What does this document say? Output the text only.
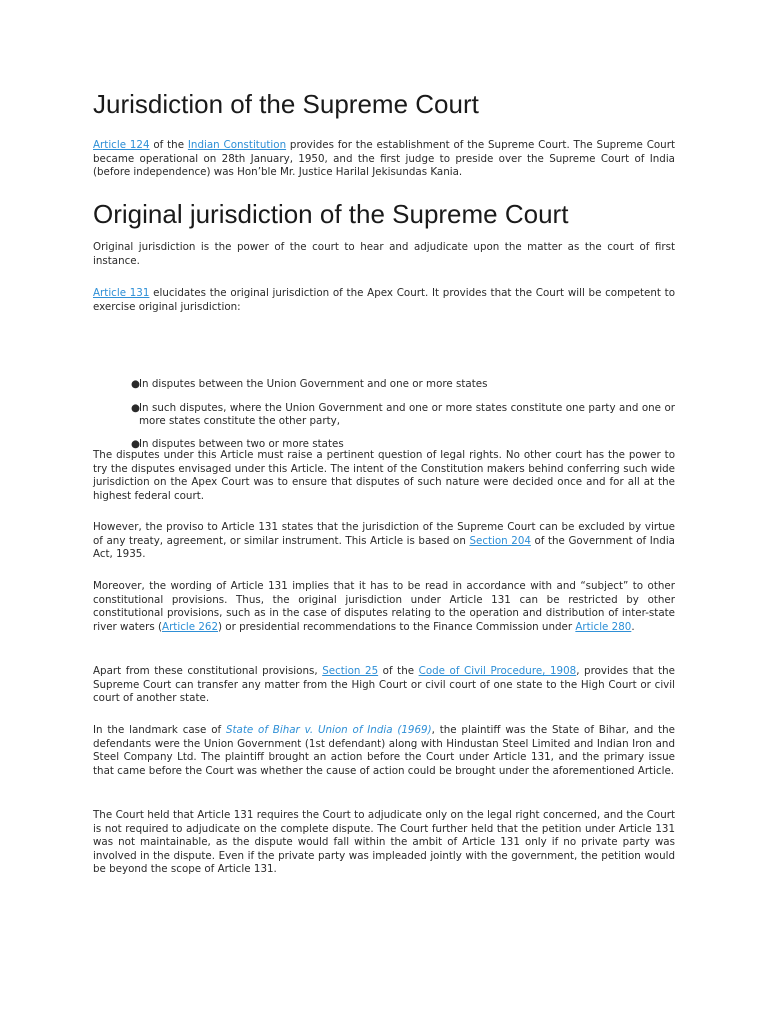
Jurisdiction of the Supreme Court

Article 124 of the Indian Constitution provides for the establishment of the Supreme Court. The Supreme Court became operational on 28th January, 1950, and the first judge to preside over the Supreme Court of India (before independence) was Hon’ble Mr. Justice Harilal Jekisundas Kania.

Original jurisdiction of the Supreme Court

Original jurisdiction is the power of the court to hear and adjudicate upon the matter as the court of first instance.

Article 131 elucidates the original jurisdiction of the Apex Court. It provides that the Court will be competent to exercise original jurisdiction:

● In disputes between the Union Government and one or more states
● In such disputes, where the Union Government and one or more states constitute one party and one or more states constitute the other party,
● In disputes between two or more states

The disputes under this Article must raise a pertinent question of legal rights. No other court has the power to try the disputes envisaged under this Article. The intent of the Constitution makers behind conferring such wide jurisdiction on the Apex Court was to ensure that disputes of such nature were decided once and for all at the highest federal court.

However, the proviso to Article 131 states that the jurisdiction of the Supreme Court can be excluded by virtue of any treaty, agreement, or similar instrument. This Article is based on Section 204 of the Government of India Act, 1935.

Moreover, the wording of Article 131 implies that it has to be read in accordance with and “subject” to other constitutional provisions. Thus, the original jurisdiction under Article 131 can be restricted by other constitutional provisions, such as in the case of disputes relating to the operation and distribution of inter-state river waters (Article 262) or presidential recommendations to the Finance Commission under Article 280.

Apart from these constitutional provisions, Section 25 of the Code of Civil Procedure, 1908, provides that the Supreme Court can transfer any matter from the High Court or civil court of one state to the High Court or civil court of another state.

In the landmark case of State of Bihar v. Union of India (1969), the plaintiff was the State of Bihar, and the defendants were the Union Government (1st defendant) along with Hindustan Steel Limited and Indian Iron and Steel Company Ltd. The plaintiff brought an action before the Court under Article 131, and the primary issue that came before the Court was whether the cause of action could be brought under the aforementioned Article.

The Court held that Article 131 requires the Court to adjudicate only on the legal right concerned, and the Court is not required to adjudicate on the complete dispute. The Court further held that the petition under Article 131 was not maintainable, as the dispute would fall within the ambit of Article 131 only if no private party was involved in the dispute. Even if the private party was impleaded jointly with the government, the petition would be beyond the scope of Article 131.
